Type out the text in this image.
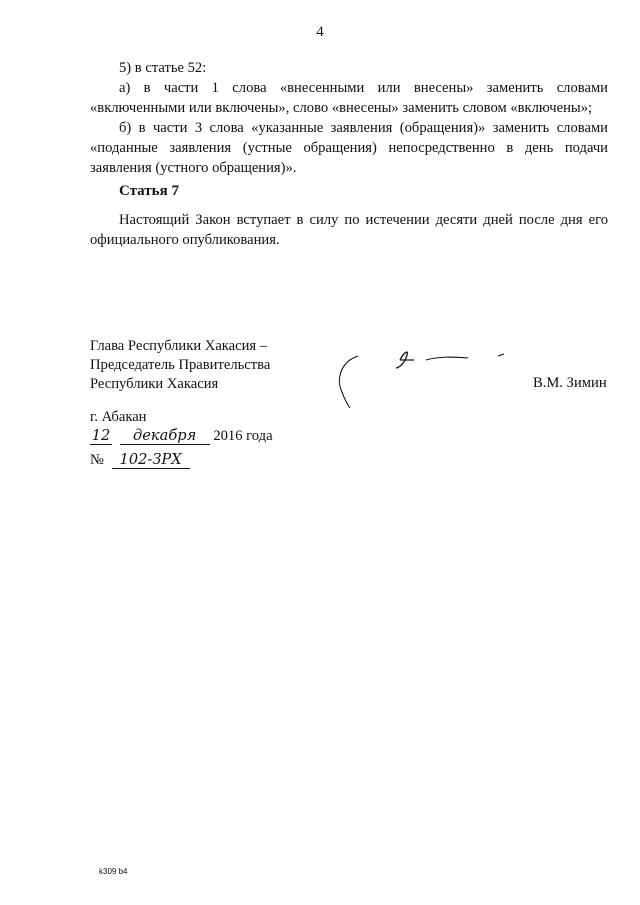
4

5) в статье 52:

а) в части 1 слова «внесенными или внесены» заменить словами «включенными или включены», слово «внесены» заменить словом «включены»;

б) в части 3 слова «указанные заявления (обращения)» заменить словами «поданные заявления (устные обращения) непосредственно в день подачи заявления (устного обращения)».

Статья 7

Настоящий Закон вступает в силу по истечении десяти дней после дня его официального опубликования.

Глава Республики Хакасия –

Председатель Правительства

Республики Хакасия	В.М. Зимин
г. Абакан
12 декабря 2016 года
№ 102-ЗРХ
k309 b4
